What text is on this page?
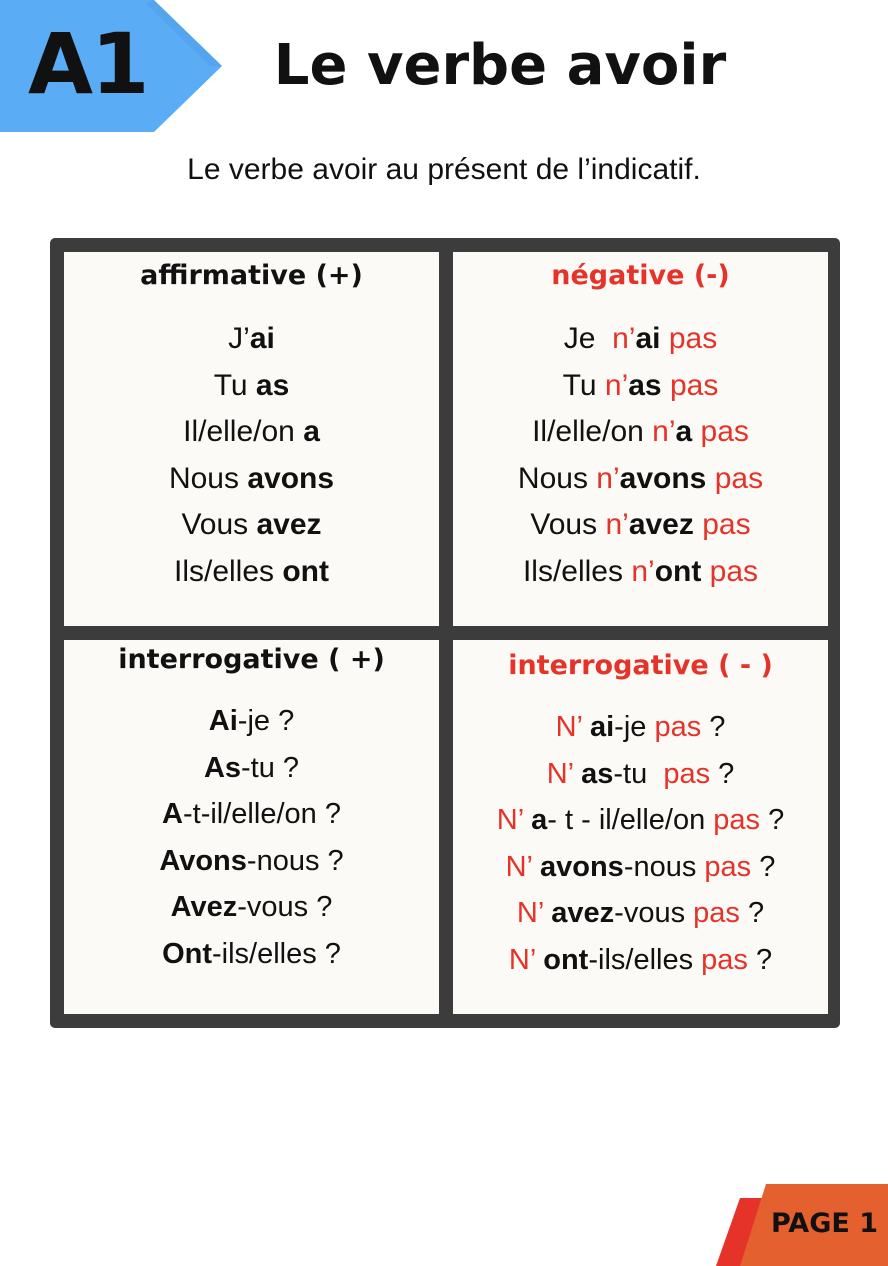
A1	Le verbe avoir
Le verbe avoir au présent de l’indicatif.
affirmative (+)
J’ai
Tu as
Il/elle/on a
Nous avons
Vous avez
Ils/elles ont
négative (-)
Je  n’ai pas
Tu n’as pas
Il/elle/on n’a pas
Nous n’avons pas
Vous n’avez pas
Ils/elles n’ont pas
interrogative ( +)
Ai-je ?
As-tu ?
A-t-il/elle/on ?
Avons-nous ?
Avez-vous ?
Ont-ils/elles ?
interrogative ( - )
N’ ai-je pas ?
N’ as-tu  pas ?
N’ a- t - il/elle/on pas ?
N’ avons-nous pas ?
N’ avez-vous pas ?
N’ ont-ils/elles pas ?
PAGE 1
